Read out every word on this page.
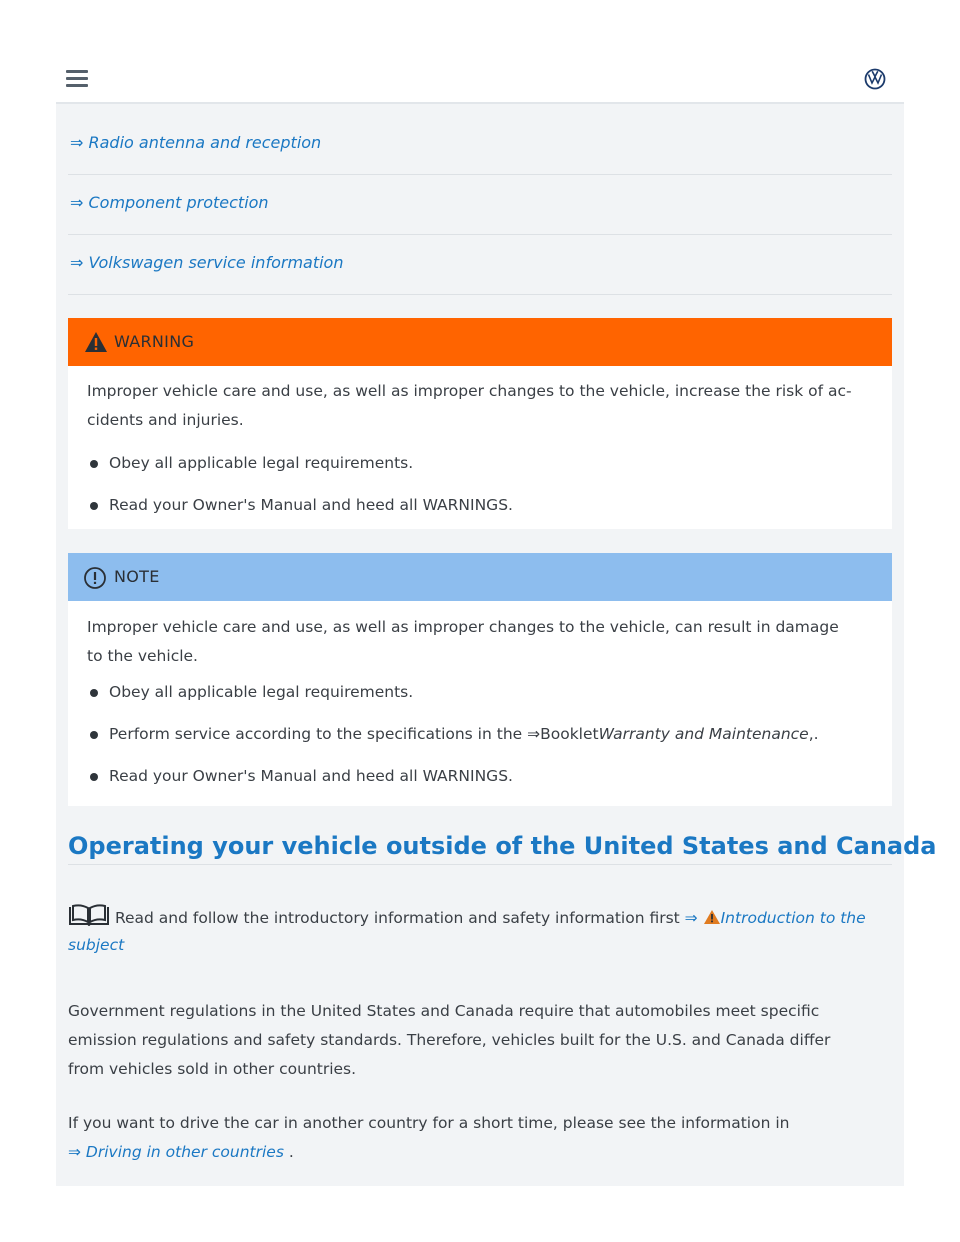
⇒ Radio antenna and reception
⇒ Component protection
⇒ Volkswagen service information
WARNING
Improper vehicle care and use, as well as improper changes to the vehicle, increase the risk of ac-
cidents and injuries.
Obey all applicable legal requirements.
Read your Owner's Manual and heed all WARNINGS.
NOTE
Improper vehicle care and use, as well as improper changes to the vehicle, can result in damage
to the vehicle.
Obey all applicable legal requirements.
Perform service according to the specifications in the ⇒BookletWarranty and Maintenance,.
Read your Owner's Manual and heed all WARNINGS.
Operating your vehicle outside of the United States and Canada
Read and follow the introductory information and safety information first ⇒ Introduction to the
subject
Government regulations in the United States and Canada require that automobiles meet specific
emission regulations and safety standards. Therefore, vehicles built for the U.S. and Canada differ
from vehicles sold in other countries.
If you want to drive the car in another country for a short time, please see the information in
⇒ Driving in other countries .
